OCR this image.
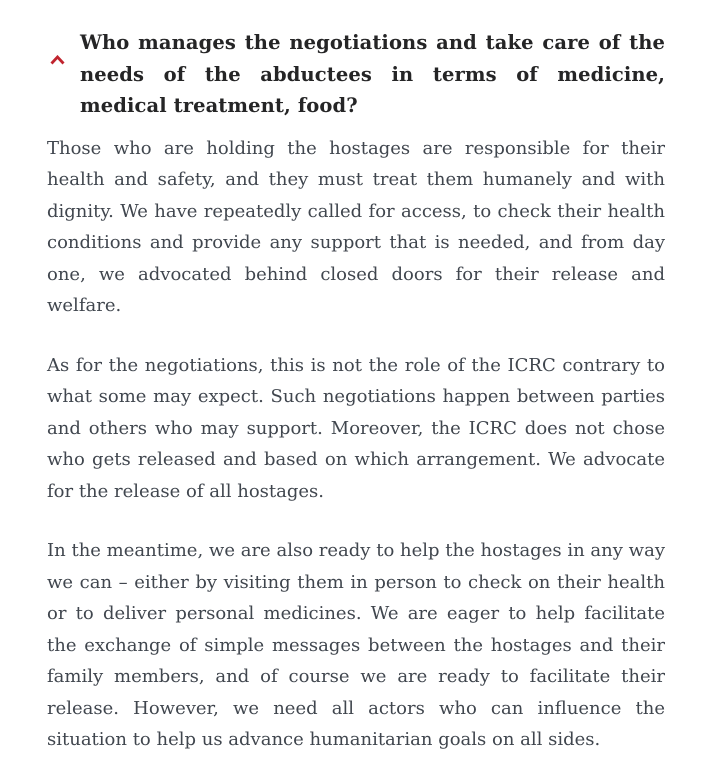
Who manages the negotiations and take care of the needs of the abductees in terms of medicine, medical treatment, food?

Those who are holding the hostages are responsible for their health and safety, and they must treat them humanely and with dignity. We have repeatedly called for access, to check their health conditions and provide any support that is needed, and from day one, we advocated behind closed doors for their release and welfare.

As for the negotiations, this is not the role of the ICRC contrary to what some may expect. Such negotiations happen between parties and others who may support. Moreover, the ICRC does not chose who gets released and based on which arrangement. We advocate for the release of all hostages.

In the meantime, we are also ready to help the hostages in any way we can – either by visiting them in person to check on their health or to deliver personal medicines. We are eager to help facilitate the exchange of simple messages between the hostages and their family members, and of course we are ready to facilitate their release. However, we need all actors who can influence the situation to help us advance humanitarian goals on all sides.
